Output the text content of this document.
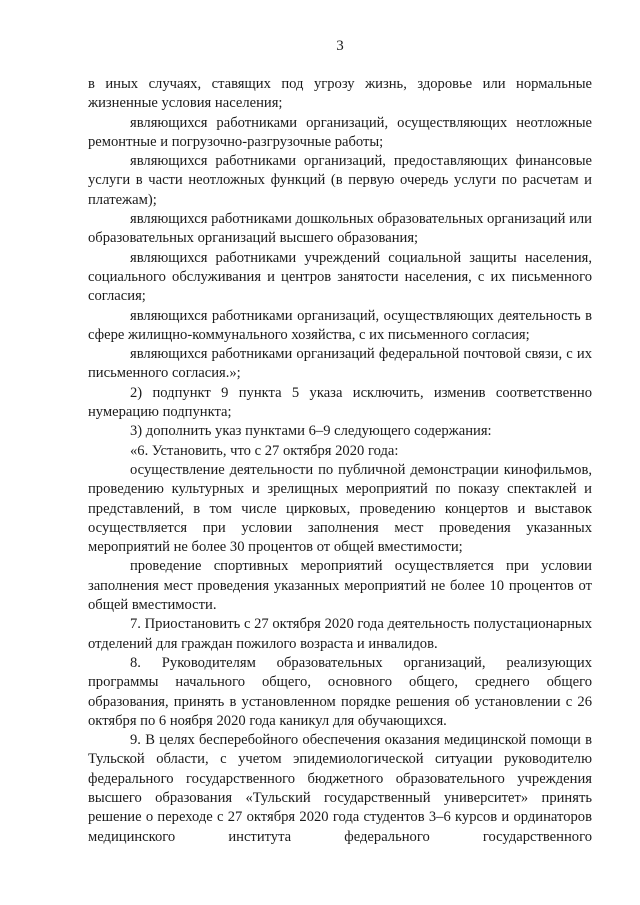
3

в иных случаях, ставящих под угрозу жизнь, здоровье или нормальные жизненные условия населения;

являющихся работниками организаций, осуществляющих неотложные ремонтные и погрузочно-разгрузочные работы;

являющихся работниками организаций, предоставляющих финансовые услуги в части неотложных функций (в первую очередь услуги по расчетам и платежам);

являющихся работниками дошкольных образовательных организаций или образовательных организаций высшего образования;

являющихся работниками учреждений социальной защиты населения, социального обслуживания и центров занятости населения, с их письменного согласия;

являющихся работниками организаций, осуществляющих деятельность в сфере жилищно-коммунального хозяйства, с их письменного согласия;

являющихся работниками организаций федеральной почтовой связи, с их письменного согласия.»;

2) подпункт 9 пункта 5 указа исключить, изменив соответственно нумерацию подпункта;

3) дополнить указ пунктами 6–9 следующего содержания:

«6. Установить, что с 27 октября 2020 года:

осуществление деятельности по публичной демонстрации кинофильмов, проведению культурных и зрелищных мероприятий по показу спектаклей и представлений, в том числе цирковых, проведению концертов и выставок осуществляется при условии заполнения мест проведения указанных мероприятий не более 30 процентов от общей вместимости;

проведение спортивных мероприятий осуществляется при условии заполнения мест проведения указанных мероприятий не более 10 процентов от общей вместимости.

7. Приостановить с 27 октября 2020 года деятельность полустационарных отделений для граждан пожилого возраста и инвалидов.

8. Руководителям образовательных организаций, реализующих программы начального общего, основного общего, среднего общего образования, принять в установленном порядке решения об установлении с 26 октября по 6 ноября 2020 года каникул для обучающихся.

9. В целях бесперебойного обеспечения оказания медицинской помощи в Тульской области, с учетом эпидемиологической ситуации руководителю федерального государственного бюджетного образовательного учреждения высшего образования «Тульский государственный университет» принять решение о переходе с 27 октября 2020 года студентов 3–6 курсов и ординаторов медицинского института федерального государственного
